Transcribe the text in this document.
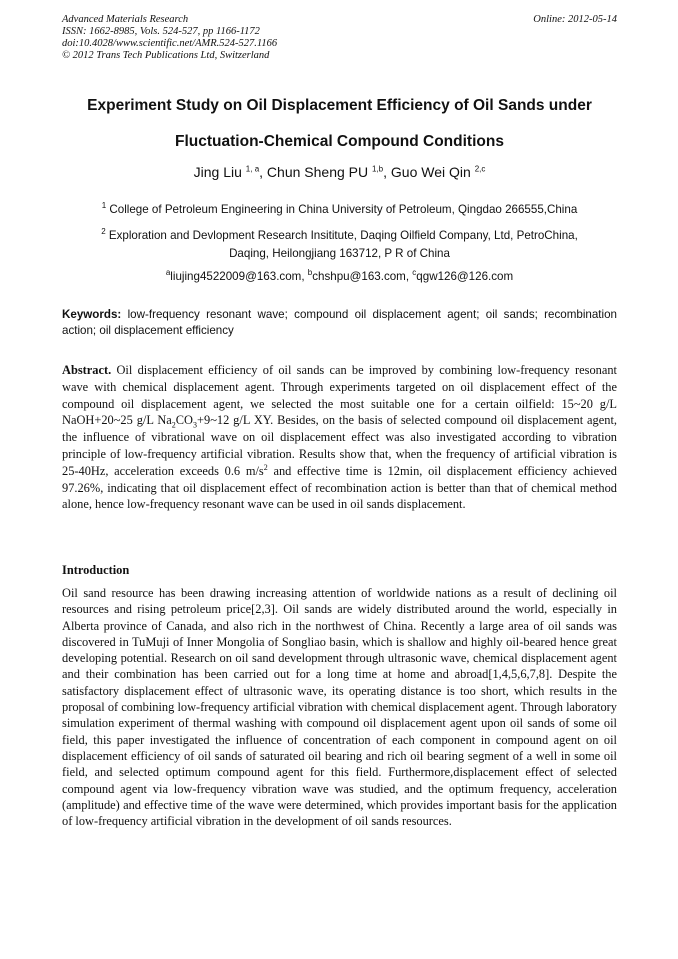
Advanced Materials Research	Online: 2012-05-14
ISSN: 1662-8985, Vols. 524-527, pp 1166-1172
doi:10.4028/www.scientific.net/AMR.524-527.1166
© 2012 Trans Tech Publications Ltd, Switzerland
Experiment Study on Oil Displacement Efficiency of Oil Sands under
Fluctuation-Chemical Compound Conditions
Jing Liu $^{1, a}$, Chun Sheng PU $^{1,b}$, Guo Wei Qin $^{2,c}$
$^1$ College of Petroleum Engineering in China University of Petroleum, Qingdao 266555,China
$^2$ Exploration and Devlopment Research Insititute, Daqing Oilfield Company, Ltd, PetroChina,
Daqing, Heilongjiang 163712, P R of China
$^a$liujing4522009@163.com, $^b$chshpu@163.com, $^c$qgw126@126.com
Keywords: low-frequency resonant wave; compound oil displacement agent; oil sands; recombination action; oil displacement efficiency
Abstract. Oil displacement efficiency of oil sands can be improved by combining low-frequency resonant wave with chemical displacement agent. Through experiments targeted on oil displacement effect of the compound oil displacement agent, we selected the most suitable one for a certain oilfield: 15~20 g/L NaOH+20~25 g/L $Na_2CO_3+9\sim 12$ g/L XY. Besides, on the basis of selected compound oil displacement agent, the influence of vibrational wave on oil displacement effect was also investigated according to vibration principle of low-frequency artificial vibration. Results show that, when the frequency of artificial vibration is 25-40Hz, acceleration exceeds 0.6 $m/s^2$ and effective time is 12min, oil displacement efficiency achieved 97.26%, indicating that oil displacement effect of recombination action is better than that of chemical method alone, hence low-frequency resonant wave can be used in oil sands displacement.
Introduction
Oil sand resource has been drawing increasing attention of worldwide nations as a result of declining oil resources and rising petroleum price[2,3]. Oil sands are widely distributed around the world, especially in Alberta province of Canada, and also rich in the northwest of China. Recently a large area of oil sands was discovered in TuMuji of Inner Mongolia of Songliao basin, which is shallow and highly oil-beared hence great developing potential. Research on oil sand development through ultrasonic wave, chemical displacement agent and their combination has been carried out for a long time at home and abroad[1,4,5,6,7,8]. Despite the satisfactory displacement effect of ultrasonic wave, its operating distance is too short, which results in the proposal of combining low-frequency artificial vibration with chemical displacement agent. Through laboratory simulation experiment of thermal washing with compound oil displacement agent upon oil sands of some oil field, this paper investigated the influence of concentration of each component in compound agent on oil displacement efficiency of oil sands of saturated oil bearing and rich oil bearing segment of a well in some oil field, and selected optimum compound agent for this field. Furthermore,displacement effect of selected compound agent via low-frequency vibration wave was studied, and the optimum frequency, acceleration (amplitude) and effective time of the wave were determined, which provides important basis for the application of low-frequency artificial vibration in the development of oil sands resources.
